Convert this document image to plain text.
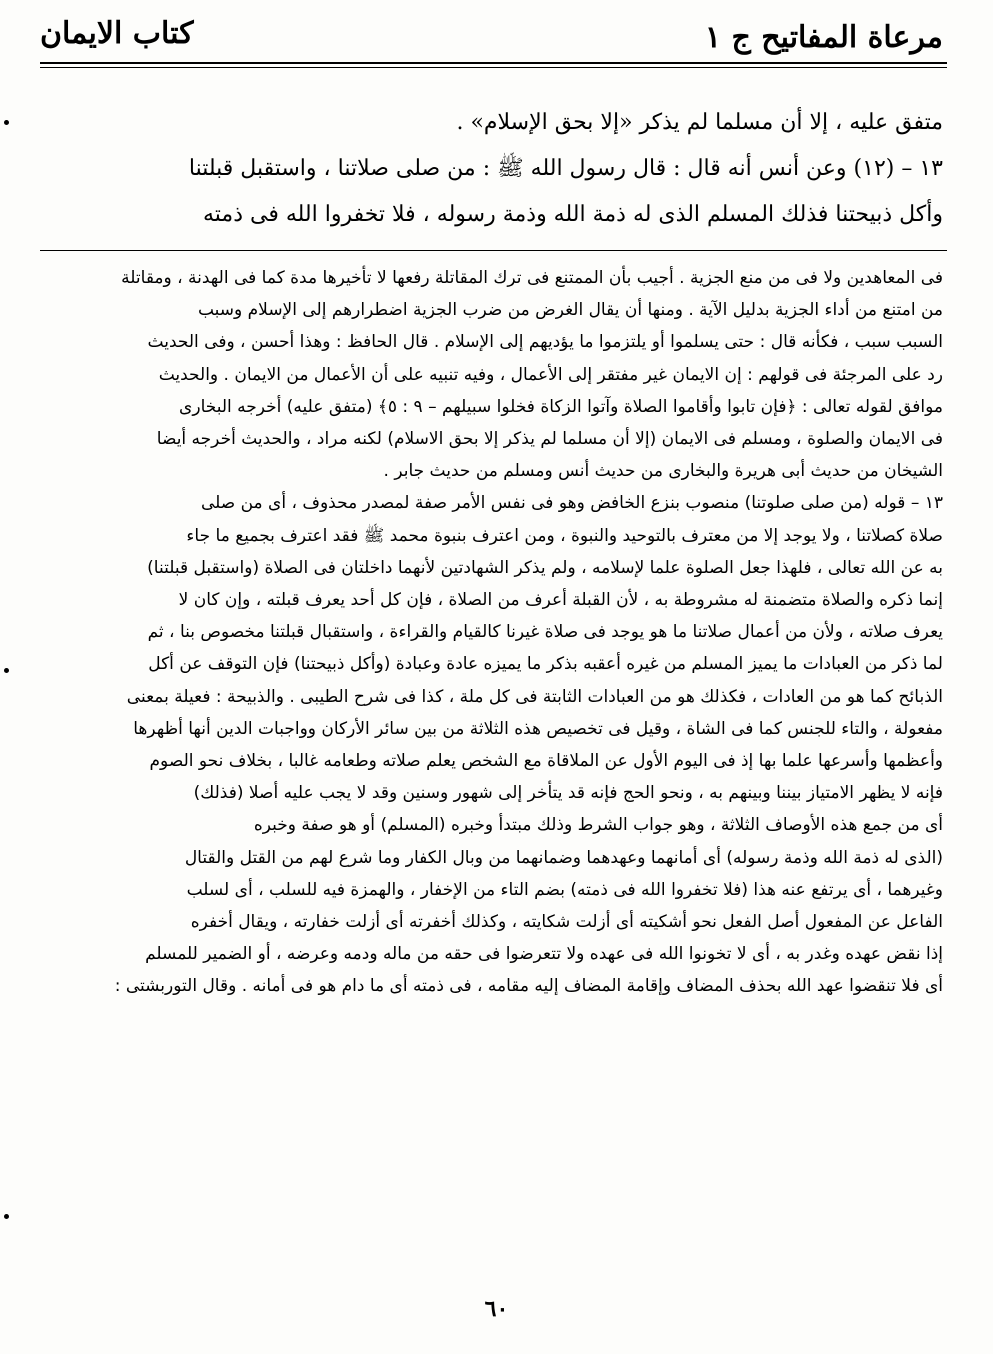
مرعاة المفاتيح ج ١
كتاب الايمان

متفق عليه ، إلا أن مسلما لم يذكر «إلا بحق الإسلام» .

١٣ – (١٢) وعن أنس أنه قال : قال رسول الله ﷺ : من صلى صلاتنا ، واستقبل قبلتنا

وأكل ذبيحتنا فذلك المسلم الذى له ذمة الله وذمة رسوله ، فلا تخفروا الله فى ذمته

فى المعاهدين ولا فى من منع الجزية . أجيب بأن الممتنع فى ترك المقاتلة رفعها لا تأخيرها مدة كما فى الهدنة ، ومقاتلة

من امتنع من أداء الجزية بدليل الآية . ومنها أن يقال الغرض من ضرب الجزية اضطرارهم إلى الإسلام وسبب

السبب سبب ، فكأنه قال : حتى يسلموا أو يلتزموا ما يؤديهم إلى الإسلام . قال الحافظ : وهذا أحسن ، وفى الحديث

رد على المرجئة فى قولهم : إن الايمان غير مفتقر إلى الأعمال ، وفيه تنبيه على أن الأعمال من الايمان . والحديث

موافق لقوله تعالى : ﴿فإن تابوا وأقاموا الصلاة وآتوا الزكاة فخلوا سبيلهم – ٩ : ٥﴾ (متفق عليه) أخرجه البخارى

فى الايمان والصلوة ، ومسلم فى الايمان (إلا أن مسلما لم يذكر إلا بحق الاسلام) لكنه مراد ، والحديث أخرجه أيضا

الشيخان من حديث أبى هريرة والبخارى من حديث أنس ومسلم من حديث جابر .

١٣ – قوله (من صلى صلوتنا) منصوب بنزع الخافض وهو فى نفس الأمر صفة لمصدر محذوف ، أى من صلى

صلاة كصلاتنا ، ولا يوجد إلا من معترف بالتوحيد والنبوة ، ومن اعترف بنبوة محمد ﷺ فقد اعترف بجميع ما جاء

به عن الله تعالى ، فلهذا جعل الصلوة علما لإسلامه ، ولم يذكر الشهادتين لأنهما داخلتان فى الصلاة (واستقبل قبلتنا)

إنما ذكره والصلاة متضمنة له مشروطة به ، لأن القبلة أعرف من الصلاة ، فإن كل أحد يعرف قبلته ، وإن كان لا

يعرف صلاته ، ولأن من أعمال صلاتنا ما هو يوجد فى صلاة غيرنا كالقيام والقراءة ، واستقبال قبلتنا مخصوص بنا ، ثم

لما ذكر من العبادات ما يميز المسلم من غيره أعقبه بذكر ما يميزه عادة وعبادة (وأكل ذبيحتنا) فإن التوقف عن أكل

الذبائح كما هو من العادات ، فكذلك هو من العبادات الثابتة فى كل ملة ، كذا فى شرح الطيبى . والذبيحة : فعيلة بمعنى

مفعولة ، والتاء للجنس كما فى الشاة ، وقيل فى تخصيص هذه الثلاثة من بين سائر الأركان وواجبات الدين أنها أظهرها

وأعظمها وأسرعها علما بها إذ فى اليوم الأول عن الملاقاة مع الشخص يعلم صلاته وطعامه غالبا ، بخلاف نحو الصوم

فإنه لا يظهر الامتياز بيننا وبينهم به ، ونحو الحج فإنه قد يتأخر إلى شهور وسنين وقد لا يجب عليه أصلا (فذلك)

أى من جمع هذه الأوصاف الثلاثة ، وهو جواب الشرط وذلك مبتدأ وخبره (المسلم) أو هو صفة وخبره

(الذى له ذمة الله وذمة رسوله) أى أمانهما وعهدهما وضمانهما من وبال الكفار وما شرع لهم من القتل والقتال

وغيرهما ، أى يرتفع عنه هذا (فلا تخفروا الله فى ذمته) بضم التاء من الإخفار ، والهمزة فيه للسلب ، أى لسلب

الفاعل عن المفعول أصل الفعل نحو أشكيته أى أزلت شكايته ، وكذلك أخفرته أى أزلت خفارته ، ويقال أخفره

إذا نقض عهده وغدر به ، أى لا تخونوا الله فى عهده ولا تتعرضوا فى حقه من ماله ودمه وعرضه ، أو الضمير للمسلم

أى فلا تنقضوا عهد الله بحذف المضاف وإقامة المضاف إليه مقامه ، فى ذمته أى ما دام هو فى أمانه . وقال التوربشتى :

٦٠
